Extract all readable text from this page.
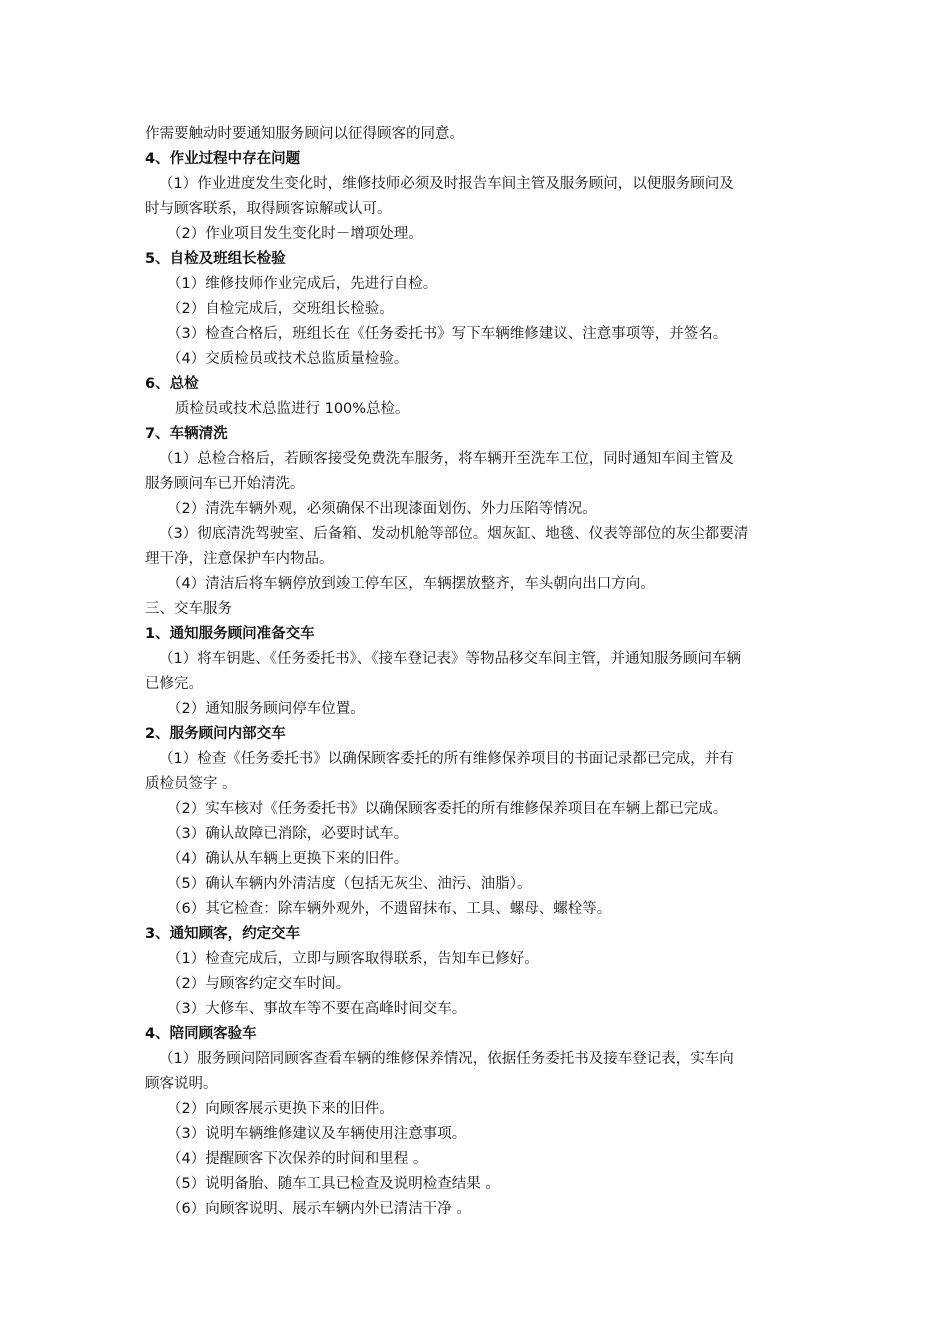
作需要触动时要通知服务顾问以征得顾客的同意。
4、作业过程中存在问题
（1）作业进度发生变化时，维修技师必须及时报告车间主管及服务顾问，以便服务顾问及
时与顾客联系，取得顾客谅解或认可。
（2）作业项目发生变化时－增项处理。
5、自检及班组长检验
（1）维修技师作业完成后，先进行自检。
（2）自检完成后，交班组长检验。
（3）检查合格后，班组长在《任务委托书》写下车辆维修建议、注意事项等，并签名。
（4）交质检员或技术总监质量检验。
6、总检
质检员或技术总监进行 100%总检。
7、车辆清洗
（1）总检合格后，若顾客接受免费洗车服务，将车辆开至洗车工位，同时通知车间主管及
服务顾问车已开始清洗。
（2）清洗车辆外观，必须确保不出现漆面划伤、外力压陷等情况。
（3）彻底清洗驾驶室、后备箱、发动机舱等部位。烟灰缸、地毯、仪表等部位的灰尘都要清
理干净，注意保护车内物品。
（4）清洁后将车辆停放到竣工停车区，车辆摆放整齐，车头朝向出口方向。
三、交车服务
1、通知服务顾问准备交车
（1）将车钥匙、《任务委托书》、《接车登记表》等物品移交车间主管，并通知服务顾问车辆
已修完。
（2）通知服务顾问停车位置。
2、服务顾问内部交车
（1）检查《任务委托书》以确保顾客委托的所有维修保养项目的书面记录都已完成，并有
质检员签字 。
（2）实车核对《任务委托书》以确保顾客委托的所有维修保养项目在车辆上都已完成。
（3）确认故障已消除，必要时试车。
（4）确认从车辆上更换下来的旧件。
（5）确认车辆内外清洁度（包括无灰尘、油污、油脂）。
（6）其它检查：除车辆外观外，不遗留抹布、工具、螺母、螺栓等。
3、通知顾客，约定交车
（1）检查完成后，立即与顾客取得联系，告知车已修好。
（2）与顾客约定交车时间。
（3）大修车、事故车等不要在高峰时间交车。
4、陪同顾客验车
（1）服务顾问陪同顾客查看车辆的维修保养情况，依据任务委托书及接车登记表，实车向
顾客说明。
（2）向顾客展示更换下来的旧件。
（3）说明车辆维修建议及车辆使用注意事项。
（4）提醒顾客下次保养的时间和里程 。
（5）说明备胎、随车工具已检查及说明检查结果 。
（6）向顾客说明、展示车辆内外已清洁干净 。
